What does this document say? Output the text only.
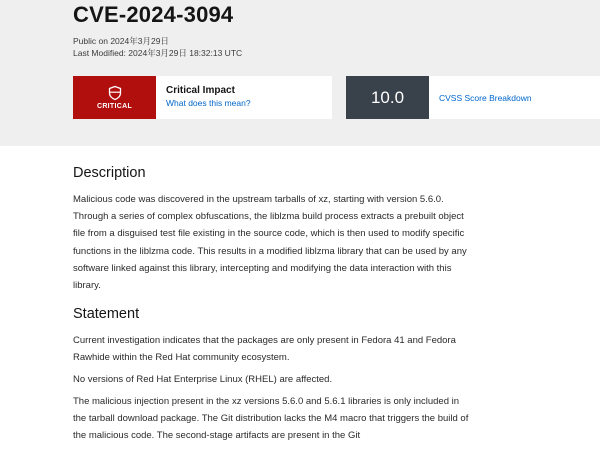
CVE-2024-3094
Public on 2024年3月29日
Last Modified: 2024年3月29日 18:32:13 UTC
CRITICAL
Critical Impact
What does this mean?	10.0	CVSS Score Breakdown
Description

Malicious code was discovered in the upstream tarballs of xz, starting with version 5.6.0. Through a series of complex obfuscations, the liblzma build process extracts a prebuilt object file from a disguised test file existing in the source code, which is then used to modify specific functions in the liblzma code. This results in a modified liblzma library that can be used by any software linked against this library, intercepting and modifying the data interaction with this library.

Statement

Current investigation indicates that the packages are only present in Fedora 41 and Fedora Rawhide within the Red Hat community ecosystem.

No versions of Red Hat Enterprise Linux (RHEL) are affected.

The malicious injection present in the xz versions 5.6.0 and 5.6.1 libraries is only included in the tarball download package. The Git distribution lacks the M4 macro that triggers the build of the malicious code. The second-stage artifacts are present in the Git
